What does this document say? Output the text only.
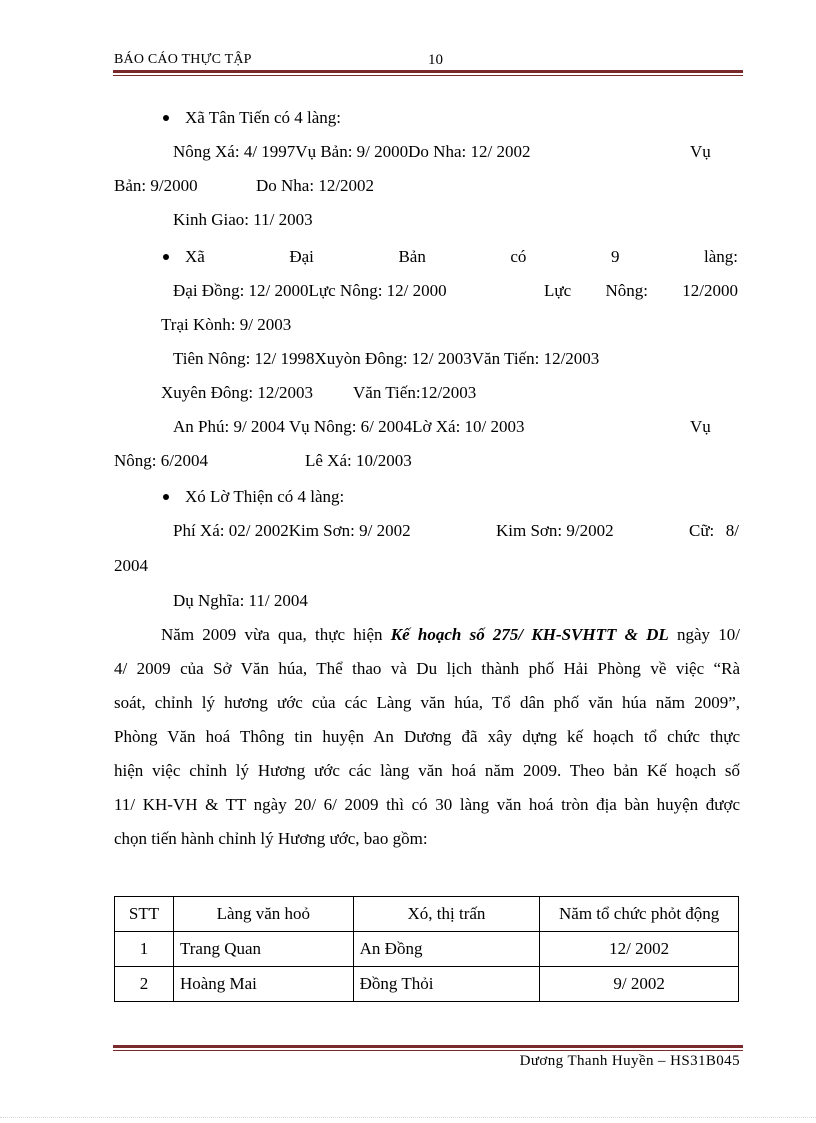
BÁO CÁO THỰC TẬP	10
Xã Tân Tiến có 4 làng:
Nông Xá: 4/ 1997Vụ Bản: 9/ 2000Do Nha: 12/ 2002	Vụ
Bản: 9/2000	Do Nha: 12/2002
Kinh Giao: 11/ 2003
Xã	Đại	Bản	có	9	làng:
Đại Đồng: 12/ 2000Lực Nông: 12/ 2000	Lực Nông: 12/2000
Trại Kònh: 9/ 2003
Tiên Nông: 12/ 1998Xuyòn Đông: 12/ 2003Văn Tiến: 12/2003
Xuyên Đông: 12/2003 Văn Tiến:12/2003
An Phú: 9/ 2004 Vụ Nông: 6/ 2004Lờ Xá: 10/ 2003	Vụ
Nông: 6/2004	Lê Xá: 10/2003
Xó Lờ Thiện có 4 làng:
Phí Xá: 02/ 2002Kim Sơn: 9/ 2002	Kim Sơn: 9/2002	Cữ: 8/
2004
Dụ Nghĩa: 11/ 2004
Năm 2009 vừa qua, thực hiện Kế hoạch số 275/ KH-SVHTT & DL ngày 10/
4/ 2009 của Sở Văn húa, Thể thao và Du lịch thành phố Hải Phòng về việc “Rà
soát, chỉnh lý hương ước của các Làng văn húa, Tổ dân phố văn húa năm 2009”,
Phòng Văn hoá Thông tin huyện An Dương đã xây dựng kế hoạch tổ chức thực
hiện việc chỉnh lý Hương ước các làng văn hoá năm 2009. Theo bản Kế hoạch số
11/ KH-VH & TT ngày 20/ 6/ 2009 thì có 30 làng văn hoá tròn địa bàn huyện được
chọn tiến hành chỉnh lý Hương ước, bao gồm:
STT	Làng văn hoỏ	Xó, thị trấn	Năm tổ chức phỏt động
1	Trang Quan	An Đồng	12/ 2002
2	Hoàng Mai	Đồng Thỏi	9/ 2002
Dương Thanh Huyền – HS31B045
